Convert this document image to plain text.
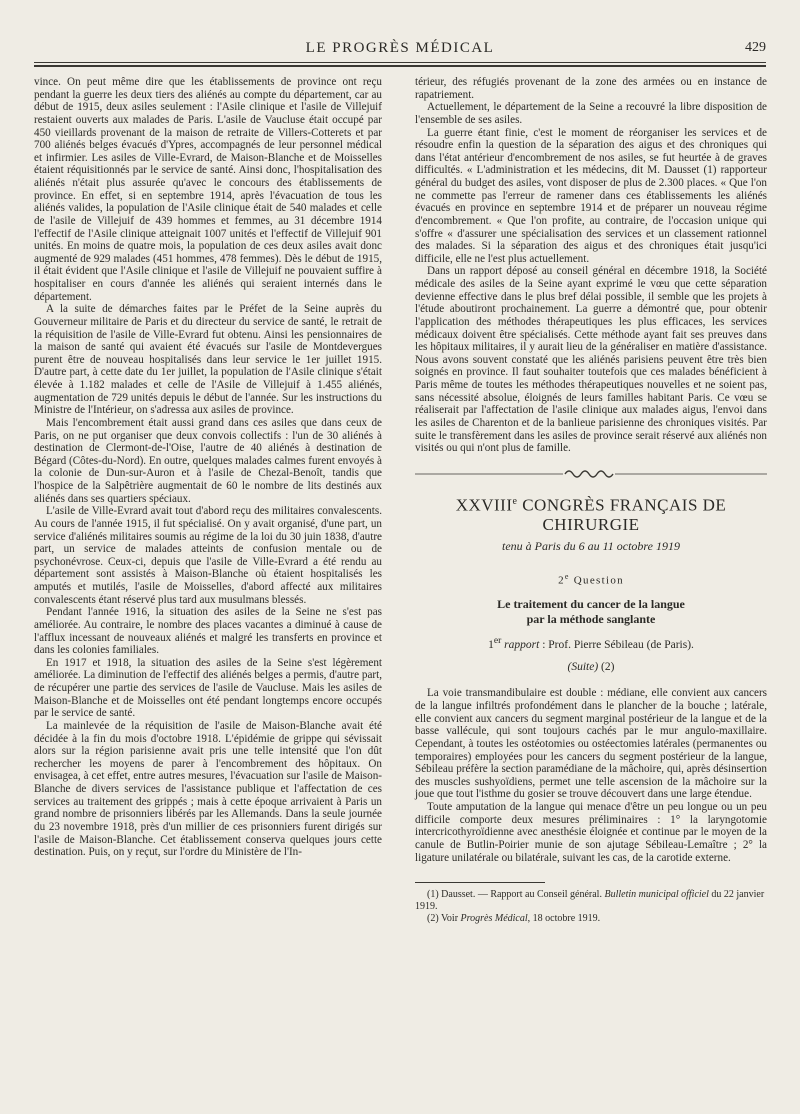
LE PROGRÈS MÉDICAL	429

vince. On peut même dire que les établissements de province ont reçu pendant la guerre les deux tiers des aliénés au compte du département, car au début de 1915, deux asiles seulement : l'Asile clinique et l'asile de Villejuif restaient ouverts aux malades de Paris. L'asile de Vaucluse était occupé par 450 vieillards provenant de la maison de retraite de Villers-Cotterets et par 700 aliénés belges évacués d'Ypres, accompagnés de leur personnel médical et infirmier. Les asiles de Ville-Evrard, de Maison-Blanche et de Moisselles étaient réquisitionnés par le service de santé. Ainsi donc, l'hospitalisation des aliénés n'était plus assurée qu'avec le concours des établissements de province. En effet, si en septembre 1914, après l'évacuation de tous les aliénés valides, la population de l'Asile clinique était de 540 malades et celle de l'asile de Villejuif de 439 hommes et femmes, au 31 décembre 1914 l'effectif de l'Asile clinique atteignait 1007 unités et l'effectif de Villejuif 901 unités. En moins de quatre mois, la population de ces deux asiles avait donc augmenté de 929 malades (451 hommes, 478 femmes). Dès le début de 1915, il était évident que l'Asile clinique et l'asile de Villejuif ne pouvaient suffire à hospitaliser en cours d'année les aliénés qui seraient internés dans le département.

A la suite de démarches faites par le Préfet de la Seine auprès du Gouverneur militaire de Paris et du directeur du service de santé, le retrait de la réquisition de l'asile de Ville-Evrard fut obtenu. Ainsi les pensionnaires de la maison de santé qui avaient été évacués sur l'asile de Montdevergues purent être de nouveau hospitalisés dans leur service le 1er juillet 1915. D'autre part, à cette date du 1er juillet, la population de l'Asile clinique s'était élevée à 1.182 malades et celle de l'Asile de Villejuif à 1.455 aliénés, augmentation de 729 unités depuis le début de l'année. Sur les instructions du Ministre de l'Intérieur, on s'adressa aux asiles de province.

Mais l'encombrement était aussi grand dans ces asiles que dans ceux de Paris, on ne put organiser que deux convois collectifs : l'un de 30 aliénés à destination de Clermont-de-l'Oise, l'autre de 40 aliénés à destination de Bégard (Côtes-du-Nord). En outre, quelques malades calmes furent envoyés à la colonie de Dun-sur-Auron et à l'asile de Chezal-Benoît, tandis que l'hospice de la Salpêtrière augmentait de 60 le nombre de lits destinés aux aliénés dans ses quartiers spéciaux.

L'asile de Ville-Evrard avait tout d'abord reçu des militaires convalescents. Au cours de l'année 1915, il fut spécialisé. On y avait organisé, d'une part, un service d'aliénés militaires soumis au régime de la loi du 30 juin 1838, d'autre part, un service de malades atteints de confusion mentale ou de psychonévrose. Ceux-ci, depuis que l'asile de Ville-Evrard a été rendu au département sont assistés à Maison-Blanche où étaient hospitalisés les amputés et mutilés, l'asile de Moisselles, d'abord affecté aux militaires convalescents étant réservé plus tard aux musulmans blessés.

Pendant l'année 1916, la situation des asiles de la Seine ne s'est pas améliorée. Au contraire, le nombre des places vacantes a diminué à cause de l'afflux incessant de nouveaux aliénés et malgré les transferts en province et dans les colonies familiales.

En 1917 et 1918, la situation des asiles de la Seine s'est légèrement améliorée. La diminution de l'effectif des aliénés belges a permis, d'autre part, de récupérer une partie des services de l'asile de Vaucluse. Mais les asiles de Maison-Blanche et de Moisselles ont été pendant longtemps encore occupés par le service de santé.

La mainlevée de la réquisition de l'asile de Maison-Blanche avait été décidée à la fin du mois d'octobre 1918. L'épidémie de grippe qui sévissait alors sur la région parisienne avait pris une telle intensité que l'on dût rechercher les moyens de parer à l'encombrement des hôpitaux. On envisagea, à cet effet, entre autres mesures, l'évacuation sur l'asile de Maison-Blanche de divers services de l'assistance publique et l'affectation de ces services au traitement des grippés ; mais à cette époque arrivaient à Paris un grand nombre de prisonniers libérés par les Allemands. Dans la seule journée du 23 novembre 1918, près d'un millier de ces prisonniers furent dirigés sur l'asile de Maison-Blanche. Cet établissement conserva quelques jours cette destination. Puis, on y reçut, sur l'ordre du Ministère de l'In-

térieur, des réfugiés provenant de la zone des armées ou en instance de rapatriement.

Actuellement, le département de la Seine a recouvré la libre disposition de l'ensemble de ses asiles.

La guerre étant finie, c'est le moment de réorganiser les services et de résoudre enfin la question de la séparation des aigus et des chroniques qui dans l'état antérieur d'encombrement de nos asiles, se fut heurtée à de graves difficultés. « L'administration et les médecins, dit M. Dausset (1) rapporteur général du budget des asiles, vont disposer de plus de 2.300 places. « Que l'on ne commette pas l'erreur de ramener dans ces établissements les aliénés évacués en province en septembre 1914 et de préparer un nouveau régime d'encombrement. « Que l'on profite, au contraire, de l'occasion unique qui s'offre « d'assurer une spécialisation des services et un classement rationnel des malades. Si la séparation des aigus et des chroniques était jusqu'ici difficile, elle ne l'est plus actuellement.

Dans un rapport déposé au conseil général en décembre 1918, la Société médicale des asiles de la Seine ayant exprimé le vœu que cette séparation devienne effective dans le plus bref délai possible, il semble que les projets à l'étude aboutiront prochainement. La guerre a démontré que, pour obtenir l'application des méthodes thérapeutiques les plus efficaces, les services médicaux doivent être spécialisés. Cette méthode ayant fait ses preuves dans les hôpitaux militaires, il y aurait lieu de la généraliser en matière d'assistance. Nous avons souvent constaté que les aliénés parisiens peuvent être très bien soignés en province. Il faut souhaiter toutefois que ces malades bénéficient à Paris même de toutes les méthodes thérapeutiques nouvelles et ne soient pas, sans nécessité absolue, éloignés de leurs familles habitant Paris. Ce vœu se réaliserait par l'affectation de l'asile clinique aux malades aigus, l'envoi dans les asiles de Charenton et de la banlieue parisienne des chroniques visités. Par suite le transfèrement dans les asiles de province serait réservé aux aliénés non visités ou qui n'ont plus de famille.

XXVIIIe CONGRÈS FRANÇAIS DE CHIRURGIE
tenu à Paris du 6 au 11 octobre 1919
2e Question
Le traitement du cancer de la langue
par la méthode sanglante
1er rapport : Prof. Pierre Sébileau (de Paris).
(Suite) (2)

La voie transmandibulaire est double : médiane, elle convient aux cancers de la langue infiltrés profondément dans le plancher de la bouche ; latérale, elle convient aux cancers du segment marginal postérieur de la langue et de la basse vallécule, qui sont toujours cachés par le mur angulo-maxillaire. Cependant, à toutes les ostéotomies ou ostéectomies latérales (permanentes ou temporaires) employées pour les cancers du segment postérieur de la langue, Sébileau préfère la section paramédiane de la mâchoire, qui, après désinsertion des muscles sushyoïdiens, permet une telle ascension de la mâchoire sur la joue que tout l'isthme du gosier se trouve découvert dans une large étendue.

Toute amputation de la langue qui menace d'être un peu longue ou un peu difficile comporte deux mesures préliminaires : 1° la laryngotomie intercricothyroïdienne avec anesthésie éloignée et continue par le moyen de la canule de Butlin-Poirier munie de son ajutage Sébileau-Lemaître ; 2° la ligature unilatérale ou bilatérale, suivant les cas, de la carotide externe.

(1) Dausset. — Rapport au Conseil général. Bulletin municipal officiel du 22 janvier 1919.
(2) Voir Progrès Médical, 18 octobre 1919.
